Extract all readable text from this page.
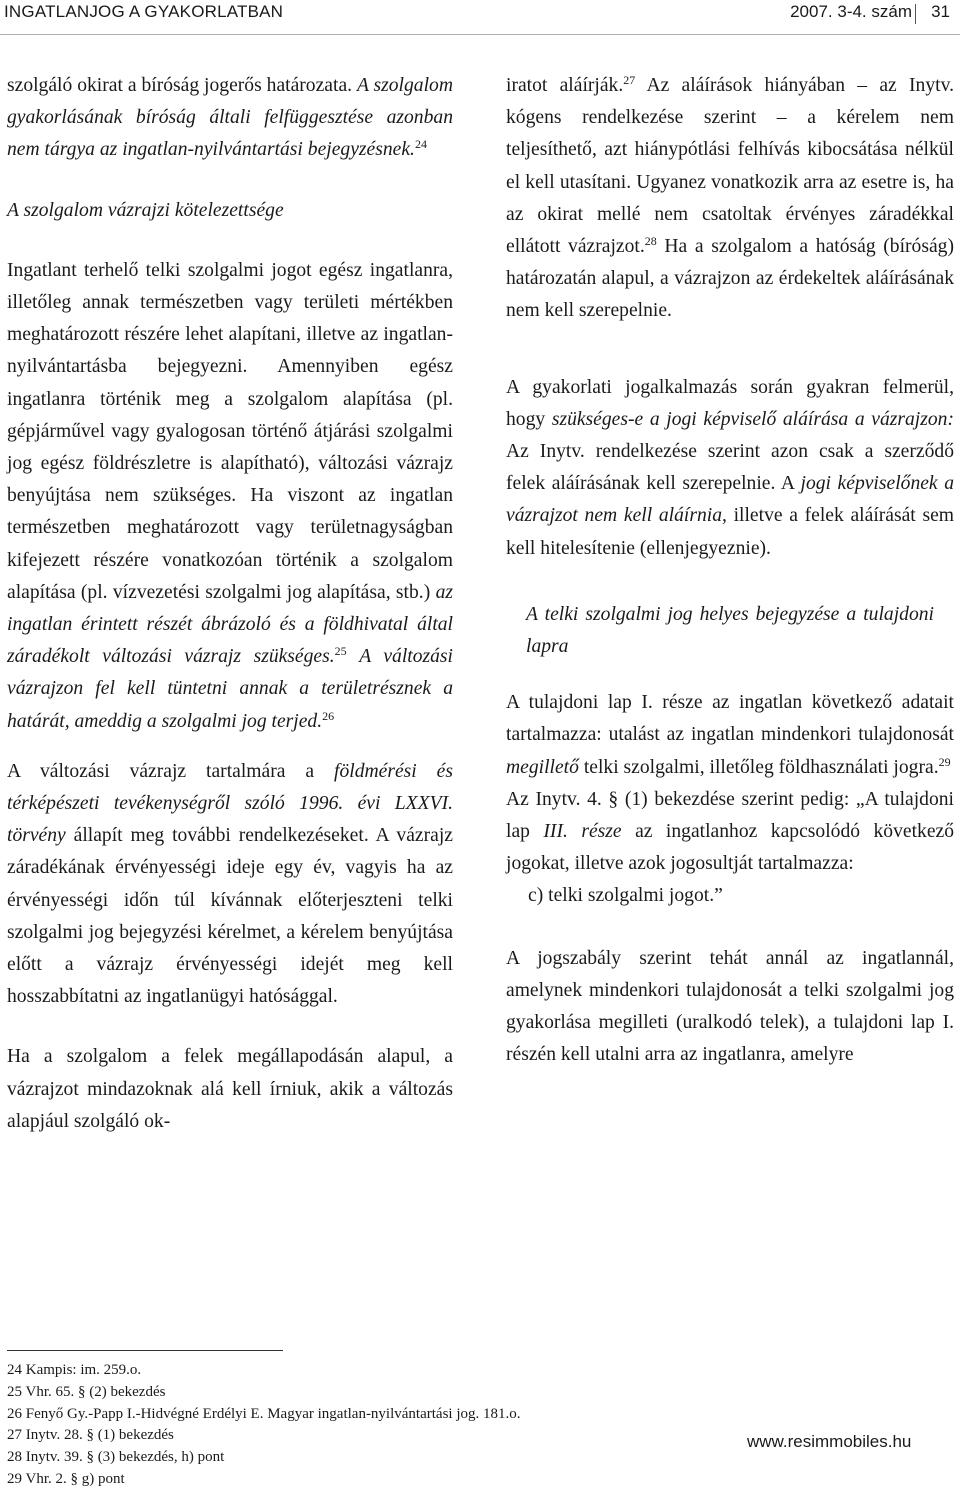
INGATLANJOG A GYAKORLATBAN	2007. 3-4. szám 31

szolgáló okirat a bíróság jogerős határozata. A szolgalom gyakorlásának bíróság általi felfüggesztése azonban nem tárgya az ingatlan-nyilvántartási bejegyzésnek.$^{24}$

A szolgalom vázrajzi kötelezettsége

Ingatlant terhelő telki szolgalmi jogot egész ingatlanra, illetőleg annak természetben vagy területi mértékben meghatározott részére lehet alapítani, illetve az ingatlan-nyilvántartásba bejegyezni. Amennyiben egész ingatlanra történik meg a szolgalom alapítása (pl. gépjárművel vagy gyalogosan történő átjárási szolgalmi jog egész földrészletre is alapítható), változási vázrajz benyújtása nem szükséges. Ha viszont az ingatlan természetben meghatározott vagy területnagyságban kifejezett részére vonatkozóan történik a szolgalom alapítása (pl. vízvezetési szolgalmi jog alapítása, stb.) az ingatlan érintett részét ábrázoló és a földhivatal által záradékolt változási vázrajz szükséges.$^{25}$ A változási vázrajzon fel kell tüntetni annak a területrésznek a határát, ameddig a szolgalmi jog terjed.$^{26}$

A változási vázrajz tartalmára a földmérési és térképészeti tevékenységről szóló 1996. évi LXXVI. törvény állapít meg további rendelkezéseket. A vázrajz záradékának érvényességi ideje egy év, vagyis ha az érvényességi időn túl kívánnak előterjeszteni telki szolgalmi jog bejegyzési kérelmet, a kérelem benyújtása előtt a vázrajz érvényességi idejét meg kell hosszabbítatni az ingatlanügyi hatósággal.

Ha a szolgalom a felek megállapodásán alapul, a vázrajzot mindazoknak alá kell írniuk, akik a változás alapjául szolgáló ok-

iratot aláírják.$^{27}$ Az aláírások hiányában – az Inytv. kógens rendelkezése szerint – a kérelem nem teljesíthető, azt hiánypótlási felhívás kibocsátása nélkül el kell utasítani. Ugyanez vonatkozik arra az esetre is, ha az okirat mellé nem csatoltak érvényes záradékkal ellátott vázrajzot.$^{28}$ Ha a szolgalom a hatóság (bíróság) határozatán alapul, a vázrajzon az érdekeltek aláírásának nem kell szerepelnie.

A gyakorlati jogalkalmazás során gyakran felmerül, hogy szükséges-e a jogi képviselő aláírása a vázrajzon: Az Inytv. rendelkezése szerint azon csak a szerződő felek aláírásának kell szerepelnie. A jogi képviselőnek a vázrajzot nem kell aláírnia, illetve a felek aláírását sem kell hitelesítenie (ellenjegyeznie).

A telki szolgalmi jog helyes bejegyzése a tulajdoni lapra

A tulajdoni lap I. része az ingatlan következő adatait tartalmazza: utalást az ingatlan mindenkori tulajdonosát megillető telki szolgalmi, illetőleg földhasználati jogra.$^{29}$

Az Inytv. 4. § (1) bekezdése szerint pedig: „A tulajdoni lap III. része az ingatlanhoz kapcsolódó következő jogokat, illetve azok jogosultját tartalmazza:

c) telki szolgalmi jogot.”

A jogszabály szerint tehát annál az ingatlannál, amelynek mindenkori tulajdonosát a telki szolgalmi jog gyakorlása megilleti (uralkodó telek), a tulajdoni lap I. részén kell utalni arra az ingatlanra, amelyre

24 Kampis: im. 259.o.
25 Vhr. 65. § (2) bekezdés
26 Fenyő Gy.-Papp I.-Hidvégné Erdélyi E. Magyar ingatlan-nyilvántartási jog. 181.o.
27 Inytv. 28. § (1) bekezdés
28 Inytv. 39. § (3) bekezdés, h) pont
29 Vhr. 2. § g) pont
www.resimmobiles.hu
